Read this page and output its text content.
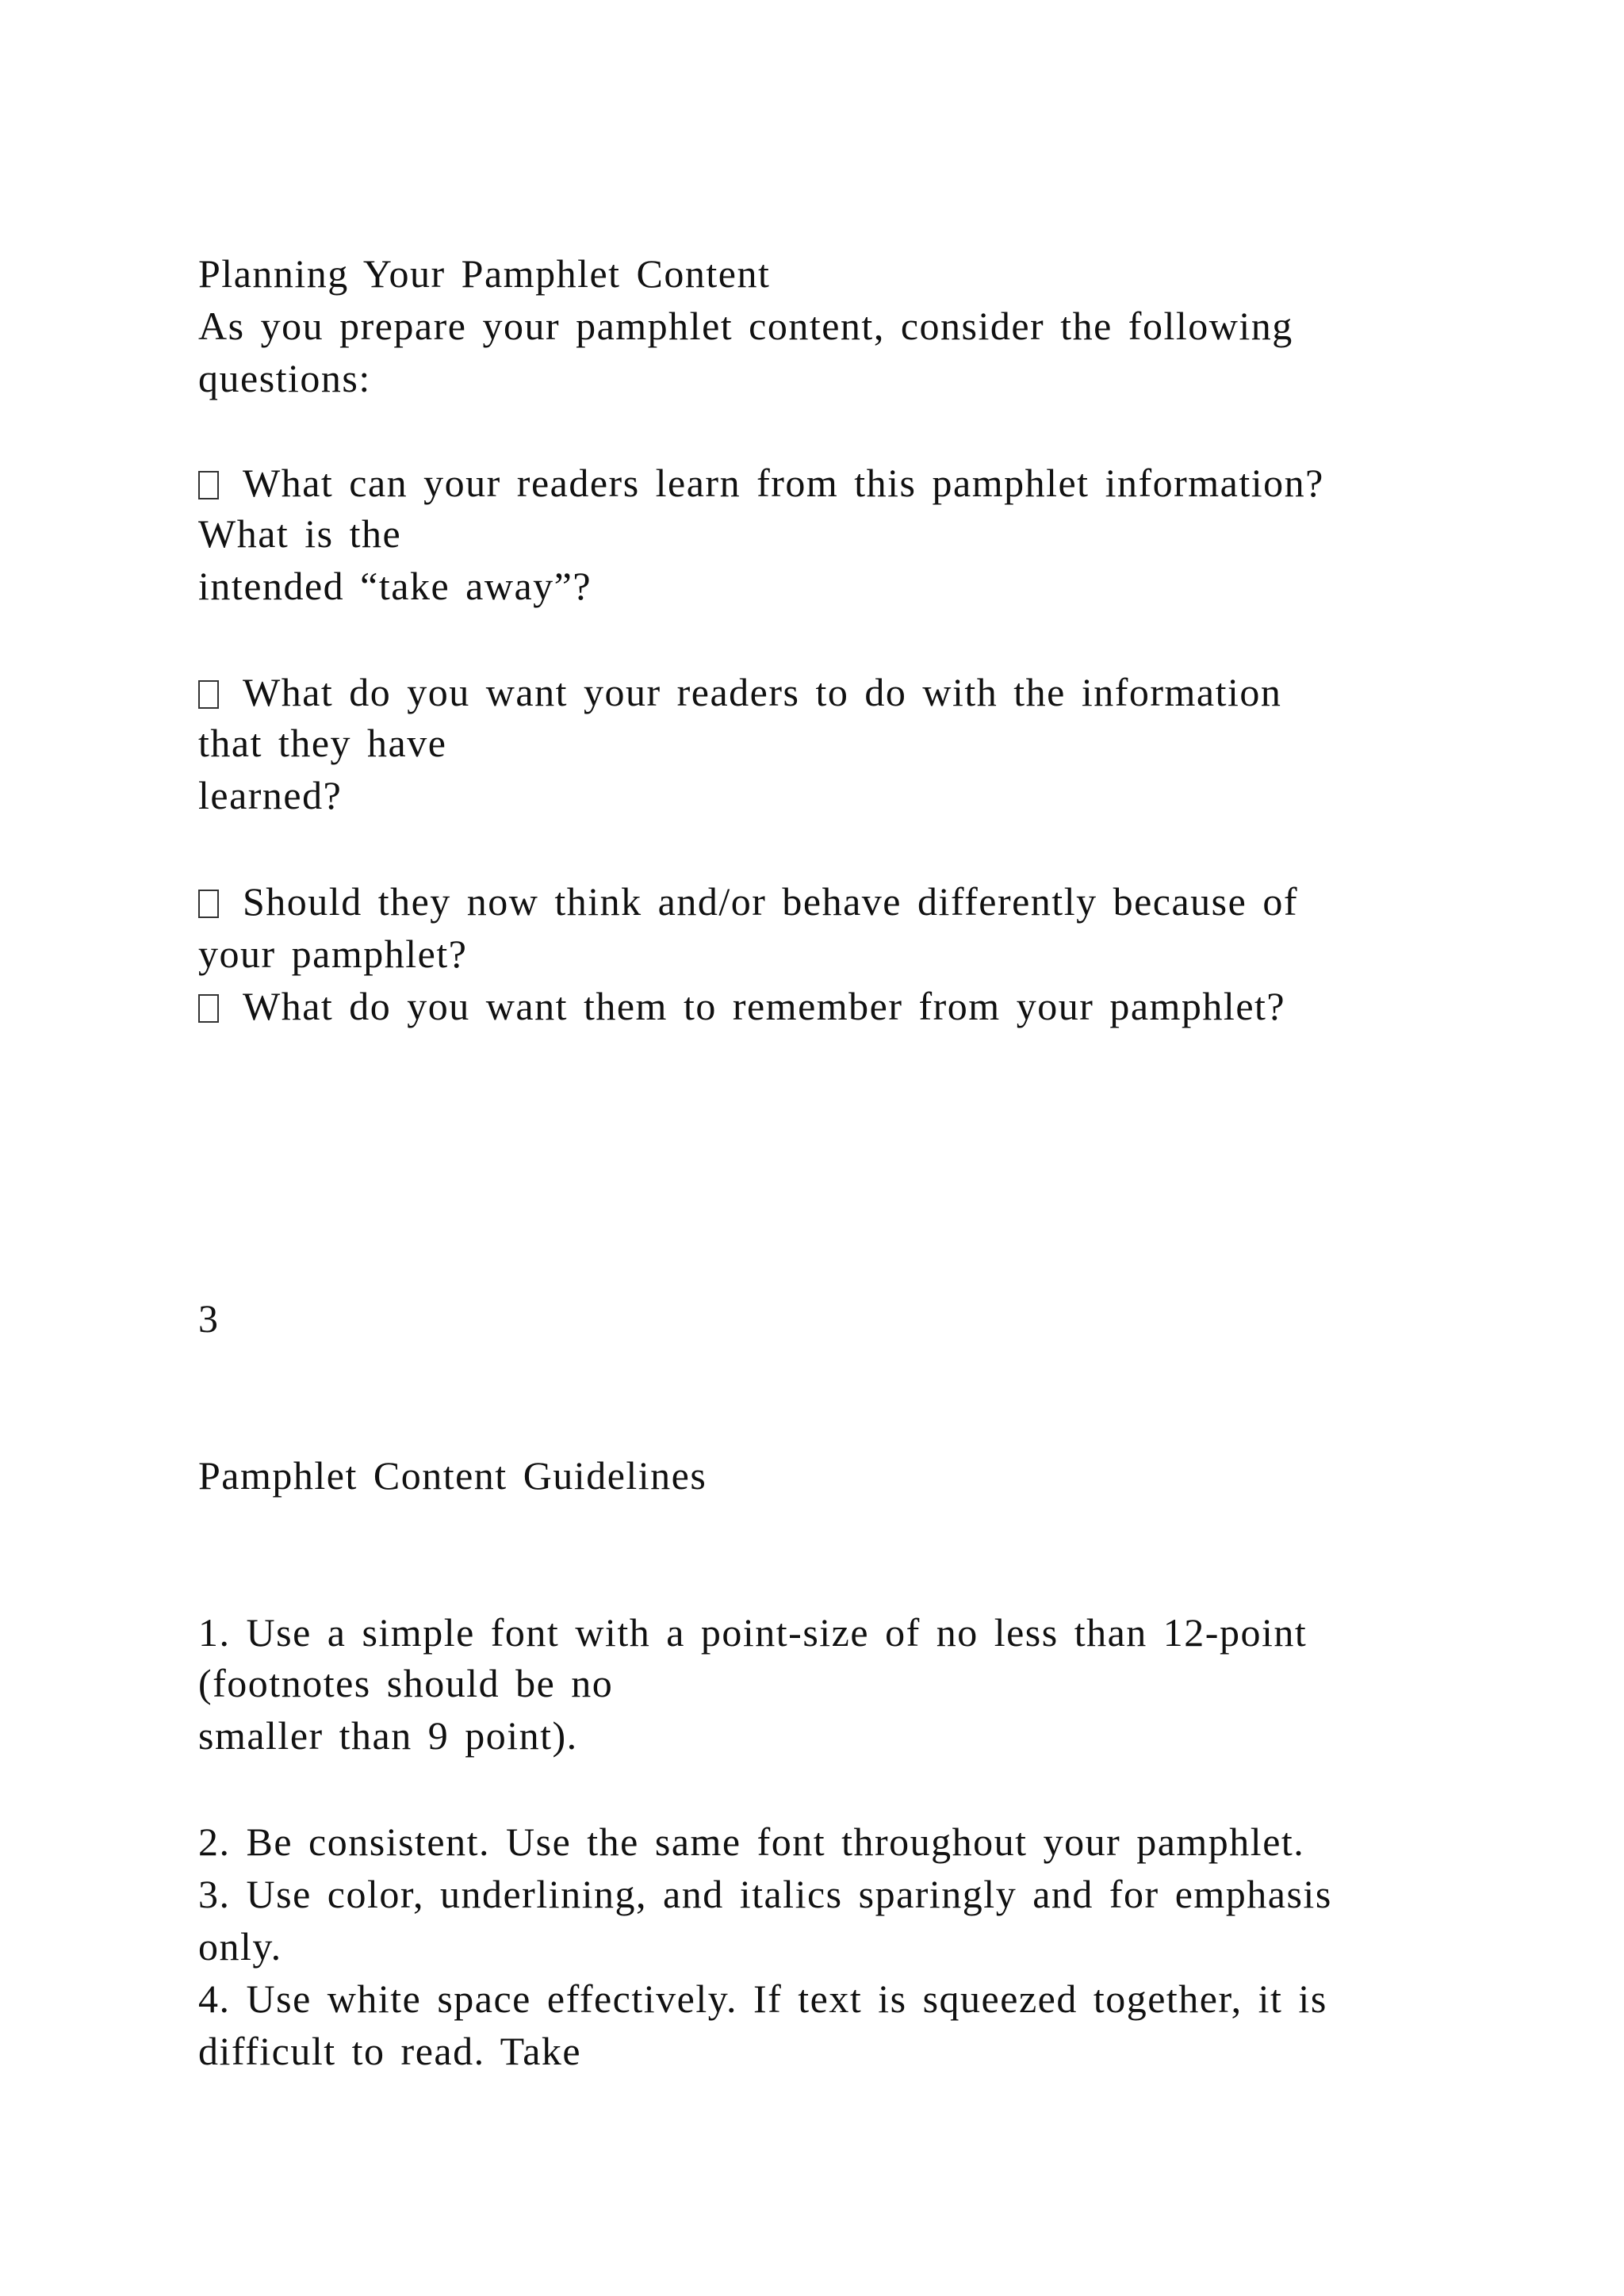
Planning Your Pamphlet Content
As you prepare your pamphlet content, consider the following
questions:
What can your readers learn from this pamphlet information?
What is the
intended “take away”?
What do you want your readers to do with the information
that they have
learned?
Should they now think and/or behave differently because of
your pamphlet?
What do you want them to remember from your pamphlet?
3
Pamphlet Content Guidelines
1. Use a simple font with a point-size of no less than 12-point
(footnotes should be no
smaller than 9 point).
2. Be consistent. Use the same font throughout your pamphlet.
3. Use color, underlining, and italics sparingly and for emphasis
only.
4. Use white space effectively. If text is squeezed together, it is
difficult to read. Take
